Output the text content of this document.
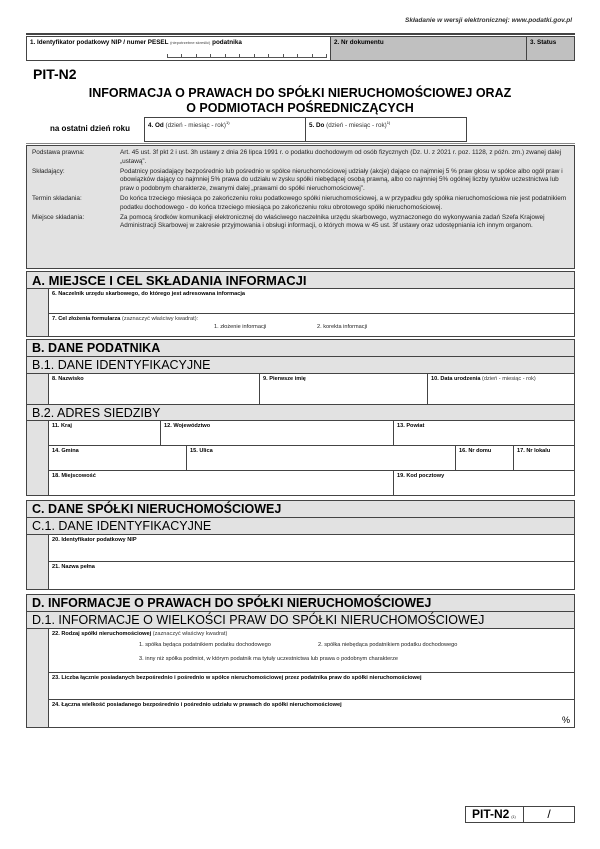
Składanie w wersji elektronicznej: www.podatki.gov.pl
1. Identyfikator podatkowy NIP / numer PESEL (niepotrzebne skreślić) podatnika	2. Nr dokumentu	3. Status
PIT-N2
INFORMACJA O PRAWACH DO SPÓŁKI NIERUCHOMOŚCIOWEJ ORAZ
O PODMIOTACH POŚREDNICZĄCYCH
na ostatni dzień roku	4. Od (dzień - miesiąc - rok)$^{1)}$	5. Do (dzień - miesiąc - rok)$^{1)}$
Podstawa prawna:	Art. 45 ust. 3f pkt 2 i ust. 3h ustawy z dnia 26 lipca 1991 r. o podatku dochodowym od osób fizycznych (Dz. U. z 2021 r. poz. 1128, z późn. zm.) zwanej dalej „ustawą”.
Składający:	Podatnicy posiadający bezpośrednio lub pośrednio w spółce nieruchomościowej udziały (akcje) dające co najmniej 5 % praw głosu w spółce albo ogół praw i obowiązków dający co najmniej 5% prawa do udziału w zysku spółki niebędącej osobą prawną, albo co najmniej 5% ogólnej liczby tytułów uczestnictwa lub praw o podobnym charakterze, zwanymi dalej „prawami do spółki nieruchomościowej”.
Termin składania:	Do końca trzeciego miesiąca po zakończeniu roku podatkowego spółki nieruchomościowej, a w przypadku gdy spółka nieruchomościowa nie jest podatnikiem podatku dochodowego - do końca trzeciego miesiąca po zakończeniu roku obrotowego spółki nieruchomościowej.
Miejsce składania:	Za pomocą środków komunikacji elektronicznej do właściwego naczelnika urzędu skarbowego, wyznaczonego do wykonywania zadań Szefa Krajowej Administracji Skarbowej w zakresie przyjmowania i obsługi informacji, o których mowa w 45 ust. 3f ustawy oraz udostępniania ich innym organom.
A. MIEJSCE I CEL SKŁADANIA INFORMACJI
6. Naczelnik urzędu skarbowego, do którego jest adresowana informacja
7. Cel złożenia formularza (zaznaczyć właściwy kwadrat):
1. złożenie informacji	2. korekta informacji
B. DANE PODATNIKA
B.1. DANE IDENTYFIKACYJNE
8. Nazwisko	9. Pierwsze imię	10. Data urodzenia (dzień - miesiąc - rok)
B.2. ADRES SIEDZIBY
11. Kraj	12. Województwo	13. Powiat
14. Gmina	15. Ulica	16. Nr domu	17. Nr lokalu
18. Miejscowość	19. Kod pocztowy
C. DANE SPÓŁKI NIERUCHOMOŚCIOWEJ
C.1. DANE IDENTYFIKACYJNE
20. Identyfikator podatkowy NIP
21. Nazwa pełna
D. INFORMACJE O PRAWACH DO SPÓŁKI NIERUCHOMOŚCIOWEJ
D.1. INFORMACJE O WIELKOŚCI PRAW DO SPÓŁKI NIERUCHOMOŚCIOWEJ
22. Rodzaj spółki nieruchomościowej (zaznaczyć właściwy kwadrat)
1. spółka będąca podatnikiem podatku dochodowego	2. spółka niebędąca podatnikiem podatku dochodowego
3. inny niż spółka podmiot, w którym podatnik ma tytuły uczestnictwa lub prawa o podobnym charakterze
23. Liczba łącznie posiadanych bezpośrednio i pośrednio w spółce nieruchomościowej przez podatnika praw do spółki nieruchomościowej
24. Łączna wielkość posiadanego bezpośrednio i pośrednio udziału w prawach do spółki nieruchomościowej
%
PIT-N2 (1)	/
